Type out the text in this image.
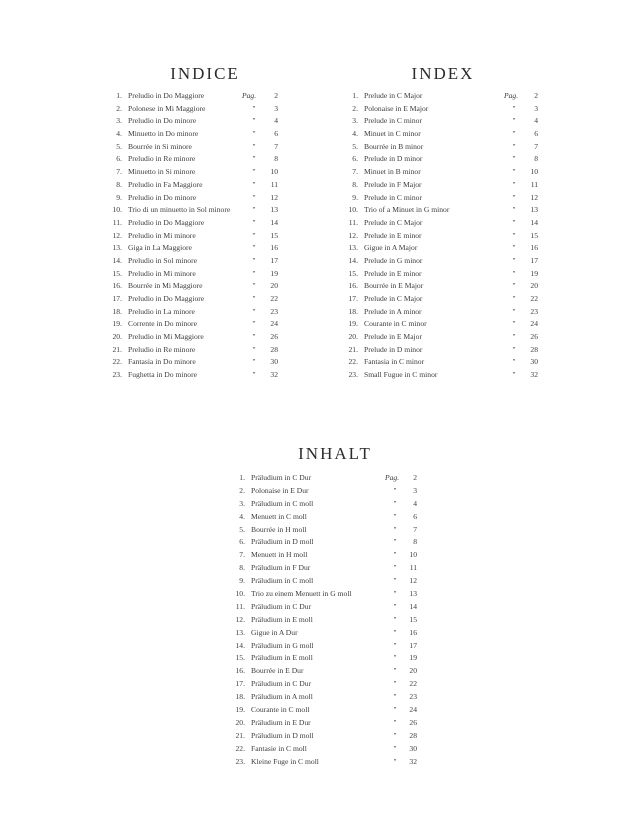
INDICE
1. Preludio in Do Maggiore	Pag.	2
2. Polonese in Mi Maggiore	"	3
3. Preludio in Do minore	"	4
4. Minuetto in Do minore	"	6
5. Bourrée in Si minore	"	7
6. Preludio in Re minore	"	8
7. Minuetto in Si minore	"	10
8. Preludio in Fa Maggiore	"	11
9. Preludio in Do minore	"	12
10. Trio di un minuetto in Sol minore	"	13
11. Preludio in Do Maggiore	"	14
12. Preludio in Mi minore	"	15
13. Giga in La Maggiore	"	16
14. Preludio in Sol minore	"	17
15. Preludio in Mi minore	"	19
16. Bourrée in Mi Maggiore	"	20
17. Preludio in Do Maggiore	"	22
18. Preludio in La minore	"	23
19. Corrente in Do minore	"	24
20. Preludio in Mi Maggiore	"	26
21. Preludio in Re minore	"	28
22. Fantasia in Do minore	"	30
23. Fughetta in Do minore	"	32
INDEX
1. Prelude in C Major	Pag.	2
2. Polonaise in E Major	"	3
3. Prelude in C minor	"	4
4. Minuet in C minor	"	6
5. Bourrée in B minor	"	7
6. Prelude in D minor	"	8
7. Minuet in B minor	"	10
8. Prelude in F Major	"	11
9. Prelude in C minor	"	12
10. Trio of a Minuet in G minor	"	13
11. Prelude in C Major	"	14
12. Prelude in E minor	"	15
13. Gigue in A Major	"	16
14. Prelude in G minor	"	17
15. Prelude in E minor	"	19
16. Bourrée in E Major	"	20
17. Prelude in C Major	"	22
18. Prelude in A minor	"	23
19. Courante in C minor	"	24
20. Prelude in E Major	"	26
21. Prelude in D minor	"	28
22. Fantasia in C minor	"	30
23. Small Fugue in C minor	"	32
INHALT
1. Präludium in C Dur	Pag.	2
2. Polonaise in E Dur	"	3
3. Präludium in C moll	"	4
4. Menuett in C moll	"	6
5. Bourrée in H moll	"	7
6. Präludium in D moll	"	8
7. Menuett in H moll	"	10
8. Präludium in F Dur	"	11
9. Präludium in C moll	"	12
10. Trio zu einem Menuett in G moll	"	13
11. Präludium in C Dur	"	14
12. Präludium in E moll	"	15
13. Gigue in A Dur	"	16
14. Präludium in G moll	"	17
15. Präludium in E moll	"	19
16. Bourrée in E Dur	"	20
17. Präludium in C Dur	"	22
18. Präludium in A moll	"	23
19. Courante in C moll	"	24
20. Präludium in E Dur	"	26
21. Präludium in D moll	"	28
22. Fantasie in C moll	"	30
23. Kleine Fuge in C moll	"	32
